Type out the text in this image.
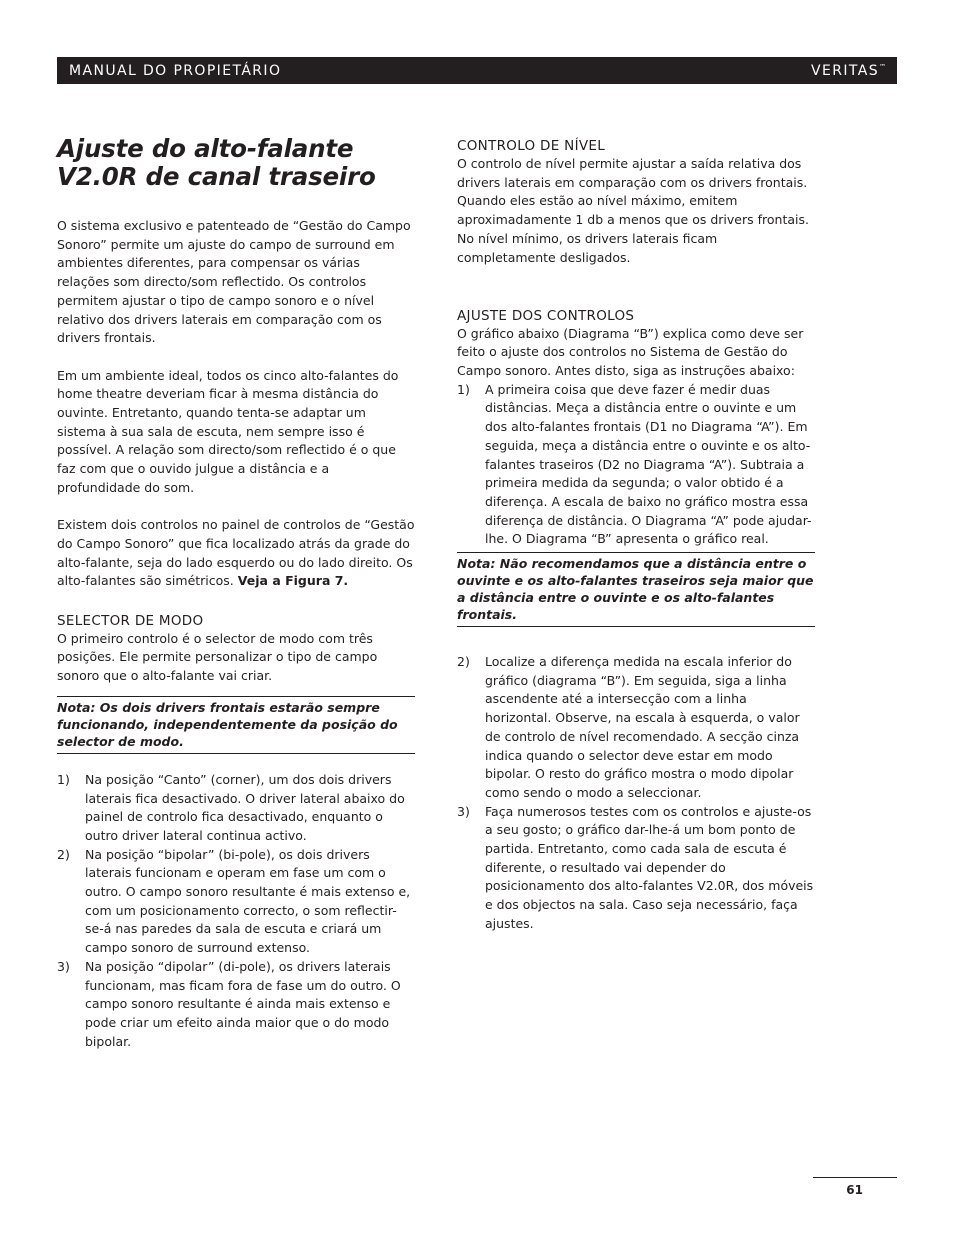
MANUAL DO PROPIETÁRIO	VERITAS™
Ajuste do alto-falante
V2.0R de canal traseiro

O sistema exclusivo e patenteado de “Gestão do Campo Sonoro” permite um ajuste do campo de surround em ambientes diferentes, para compensar os várias relações som directo/som reflectido. Os controlos permitem ajustar o tipo de campo sonoro e o nível relativo dos drivers laterais em comparação com os drivers frontais.

Em um ambiente ideal, todos os cinco alto-falantes do home theatre deveriam ficar à mesma distância do ouvinte. Entretanto, quando tenta-se adaptar um sistema à sua sala de escuta, nem sempre isso é possível. A relação som directo/som reflectido é o que faz com que o ouvido julgue a distância e a profundidade do som.

Existem dois controlos no painel de controlos de “Gestão do Campo Sonoro” que fica localizado atrás da grade do alto-falante, seja do lado esquerdo ou do lado direito. Os alto-falantes são simétricos. Veja a Figura 7.

SELECTOR DE MODO

O primeiro controlo é o selector de modo com três posições. Ele permite personalizar o tipo de campo sonoro que o alto-falante vai criar.

Nota: Os dois drivers frontais estarão sempre funcionando, independentemente da posição do selector de modo.
1) Na posição “Canto” (corner), um dos dois drivers laterais fica desactivado. O driver lateral abaixo do painel de controlo fica desactivado, enquanto o outro driver lateral continua activo.
2) Na posição “bipolar” (bi-pole), os dois drivers laterais funcionam e operam em fase um com o outro. O campo sonoro resultante é mais extenso e, com um posicionamento correcto, o som reflectir-se-á nas paredes da sala de escuta e criará um campo sonoro de surround extenso.
3) Na posição “dipolar” (di-pole), os drivers laterais funcionam, mas ficam fora de fase um do outro. O campo sonoro resultante é ainda mais extenso e pode criar um efeito ainda maior que o do modo bipolar.
CONTROLO DE NÍVEL

O controlo de nível permite ajustar a saída relativa dos drivers laterais em comparação com os drivers frontais. Quando eles estão ao nível máximo, emitem aproximadamente 1 db a menos que os drivers frontais. No nível mínimo, os drivers laterais ficam completamente desligados.

AJUSTE DOS CONTROLOS

O gráfico abaixo (Diagrama “B”) explica como deve ser feito o ajuste dos controlos no Sistema de Gestão do Campo sonoro. Antes disto, siga as instruções abaixo:

1) A primeira coisa que deve fazer é medir duas distâncias. Meça a distância entre o ouvinte e um dos alto-falantes frontais (D1 no Diagrama “A”). Em seguida, meça a distância entre o ouvinte e os alto-falantes traseiros (D2 no Diagrama “A”). Subtraia a primeira medida da segunda; o valor obtido é a diferença. A escala de baixo no gráfico mostra essa diferença de distância. O Diagrama “A” pode ajudar-lhe. O Diagrama “B” apresenta o gráfico real.
Nota: Não recomendamos que a distância entre o ouvinte e os alto-falantes traseiros seja maior que a distância entre o ouvinte e os alto-falantes frontais.
2) Localize a diferença medida na escala inferior do gráfico (diagrama “B”). Em seguida, siga a linha ascendente até a intersecção com a linha horizontal. Observe, na escala à esquerda, o valor de controlo de nível recomendado. A secção cinza indica quando o selector deve estar em modo bipolar. O resto do gráfico mostra o modo dipolar como sendo o modo a seleccionar.
3) Faça numerosos testes com os controlos e ajuste-os a seu gosto; o gráfico dar-lhe-á um bom ponto de partida. Entretanto, como cada sala de escuta é diferente, o resultado vai depender do posicionamento dos alto-falantes V2.0R, dos móveis e dos objectos na sala. Caso seja necessário, faça ajustes.
61
